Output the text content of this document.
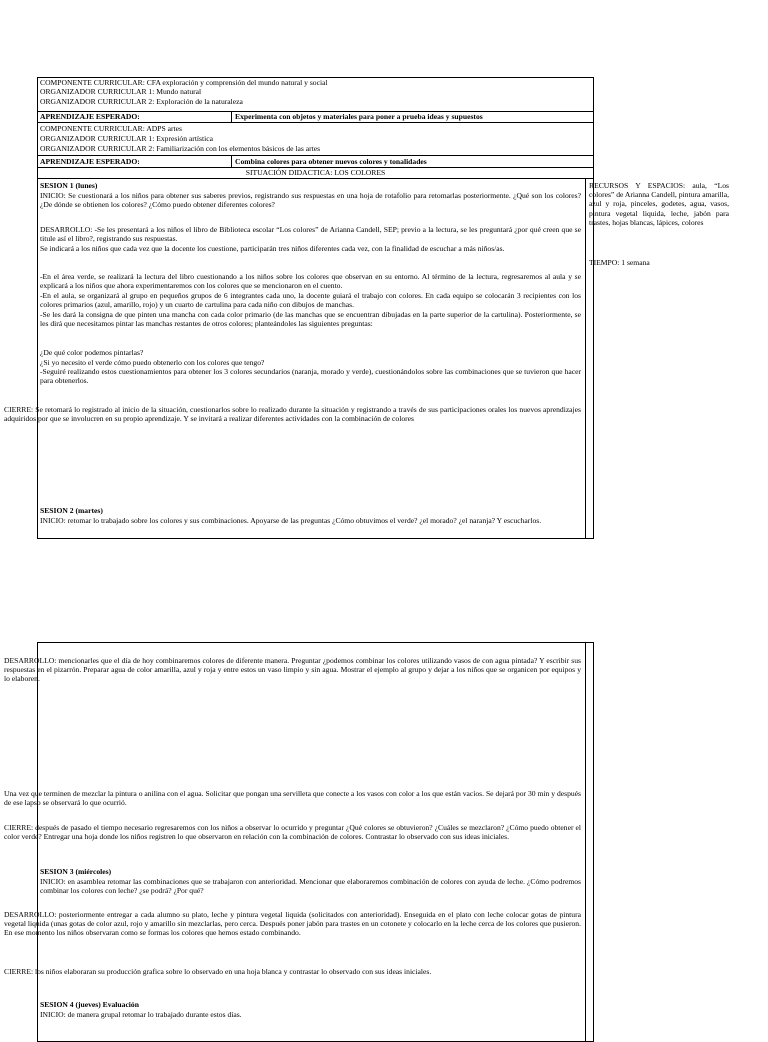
COMPONENTE CURRICULAR: CFA exploración y comprensión del mundo natural y social
ORGANIZADOR CURRICULAR 1: Mundo natural
ORGANIZADOR CURRICULAR 2: Exploración de la naturaleza
APRENDIZAJE ESPERADO:	Experimenta con objetos y materiales para poner a prueba ideas y supuestos
COMPONENTE CURRICULAR: ADPS artes
ORGANIZADOR CURRICULAR 1: Expresión artística
ORGANIZADOR CURRICULAR 2: Familiarización con los elementos básicos de las artes
APRENDIZAJE ESPERADO:	Combina colores para obtener nuevos colores y tonalidades
SITUACIÓN DIDACTICA: LOS COLORES
SESION 1 (lunes)
INICIO: Se cuestionará a los niños para obtener sus saberes previos, registrando sus respuestas en una hoja de rotafolio para retomarlas posteriormente. ¿Qué son los colores? ¿De dónde se obtienen los colores? ¿Cómo puedo obtener diferentes colores?
DESARROLLO: -Se les presentará a los niños el libro de Biblioteca escolar “Los colores” de Arianna Candell, SEP; previo a la lectura, se les preguntará ¿por qué creen que se titule así el libro?, registrando sus respuestas.
Se indicará a los niños que cada vez que la docente los cuestione, participarán tres niños diferentes cada vez, con la finalidad de escuchar a más niños/as.
-En el área verde, se realizará la lectura del libro cuestionando a los niños sobre los colores que observan en su entorno. Al término de la lectura, regresaremos al aula y se explicará a los niños que ahora experimentaremos con los colores que se mencionaron en el cuento.
-En el aula, se organizará al grupo en pequeños grupos de 6 integrantes cada uno, la docente guiará el trabajo con colores. En cada equipo se colocarán 3 recipientes con los colores primarios (azul, amarillo, rojo) y un cuarto de cartulina para cada niño con dibujos de manchas.
-Se les dará la consigna de que pinten una mancha con cada color primario (de las manchas que se encuentran dibujadas en la parte superior de la cartulina). Posteriormente, se les dirá que necesitamos pintar las manchas restantes de otros colores; planteándoles las siguientes preguntas:
¿De qué color podemos pintarlas?
¿Si yo necesito el verde cómo puedo obtenerlo con los colores que tengo?
-Seguiré realizando estos cuestionamientos para obtener los 3 colores secundarios (naranja, morado y verde), cuestionándolos sobre las combinaciones que se tuvieron que hacer para obtenerlos.
CIERRE: Se retomará lo registrado al inicio de la situación, cuestionarlos sobre lo realizado durante la situación y registrando a través de sus participaciones orales los nuevos aprendizajes adquiridos por que se involucren en su propio aprendizaje. Y se invitará a realizar diferentes actividades con la combinación de colores
SESION 2 (martes)
INICIO: retomar lo trabajado sobre los colores y sus combinaciones. Apoyarse de las preguntas ¿Cómo obtuvimos el verde? ¿el morado? ¿el naranja? Y escucharlos.
RECURSOS Y ESPACIOS: aula, “Los colores” de Arianna Candell, pintura amarilla, azul y roja, pinceles, godetes, agua, vasos, pintura vegetal liquida, leche, jabón para trastes, hojas blancas, lápices, colores
TIEMPO: 1 semana
DESARROLLO: mencionarles que el día de hoy combinaremos colores de diferente manera. Preguntar ¿podemos combinar los colores utilizando vasos de con agua pintada? Y escribir sus respuestas en el pizarrón. Preparar agua de color amarilla, azul y roja y entre estos un vaso limpio y sin agua. Mostrar el ejemplo al grupo y dejar a los niños que se organicen por equipos y lo elaboren.
Una vez que terminen de mezclar la pintura o anilina con el agua. Solicitar que pongan una servilleta que conecte a los vasos con color a los que están vacíos. Se dejará por 30 min y después de ese lapso se observará lo que ocurrió.
CIERRE: después de pasado el tiempo necesario regresaremos con los niños a observar lo ocurrido y preguntar ¿Qué colores se obtuvieron? ¿Cuáles se mezclaron? ¿Cómo puedo obtener el color verde? Entregar una hoja donde los niños registren lo que observaron en relación con la combinación de colores. Contrastar lo observado con sus ideas iniciales.
SESION 3 (miércoles)
INICIO: en asamblea retomar las combinaciones que se trabajaron con anterioridad. Mencionar que elaboraremos combinación de colores con ayuda de leche. ¿Cómo podremos combinar los colores con leche? ¿se podrá? ¿Por qué?
DESARROLLO: posteriormente entregar a cada alumno su plato, leche y pintura vegetal liquida (solicitados con anterioridad). Enseguida en el plato con leche colocar gotas de pintura vegetal liquida (unas gotas de color azul, rojo y amarillo sin mezclarlas, pero cerca. Después poner jabón para trastes en un cotonete y colocarlo en la leche cerca de los colores que pusieron. En ese momento los niños observaran como se formas los colores que hemos estado combinando.
CIERRE: los niños elaboraran su producción grafica sobre lo observado en una hoja blanca y contrastar lo observado con sus ideas iniciales.
SESION 4 (jueves) Evaluación
INICIO: de manera grupal retomar lo trabajado durante estos días.
